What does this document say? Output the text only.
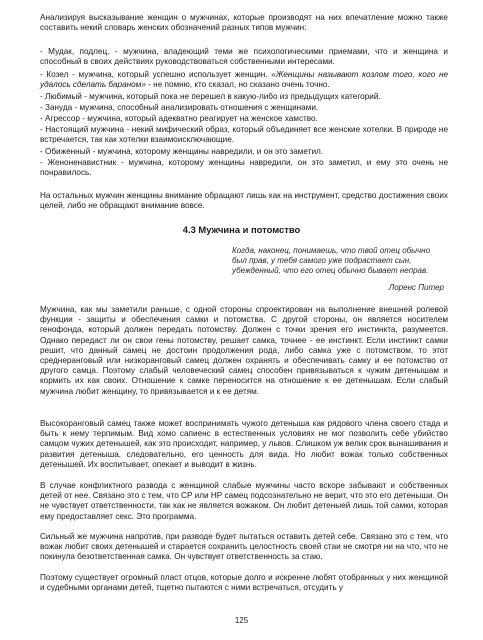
Анализируя высказывание женщин о мужчинах, которые производят на них впечатление можно также составить некий словарь женских обозначений разных типов мужчин:

- Мудак, подлец, - мужчина, владеющий теми же психологическими приемами, что и женщина и способный в своих действиях руководствоваться собственными интересами.

- Козел - мужчина, который успешно использует женщин. «Женщины называют козлом того, кого не удалось сделать бараном» - не помню, кто сказал, но сказано очень точно.

- Любимый - мужчина, который пока не перешел в какую-либо из предыдущих категорий.

- Зануда - мужчина, способный анализировать отношения с женщинами.

- Агрессор - мужчина, который адекватно реагирует на женское хамство.

- Настоящий мужчина - некий мифический образ, который объединяет все женские хотелки. В природе не встречается, так как хотелки взаимоисключающие.

- Обиженный - мужчина, которому женщины навредили, и он это заметил.

- Женоненавистник - мужчина, которому женщины навредили, он это заметил, и ему это очень не понравилось.

На остальных мужчин женщины внимание обращают лишь как на инструмент, средство достижения своих целей, либо не обращают внимание вовсе.

4.3 Мужчина и потомство

Когда, наконец, понимаешь, что твой отец обычно был прав, у тебя самого уже подрастает сын, убежденный, что его отец обычно бывает неправ.

Лоренс Питер

Мужчина, как мы заметили раньше, с одной стороны спроектирован на выполнение внешней ролевой функции - защиты и обеспечения самки и потомства. С другой стороны, он является носителем генофонда, который должен передать потомству. Должен с точки зрения его инстинкта, разумеется. Однако передаст ли он свои гены потомству, решает самка, точнее - ее инстинкт. Если инстинкт самки решит, что данный самец не достоин продолжения рода, либо самка уже с потомством, то этот среднеранговый или низкоранговый самец должен охранять и обеспечивать самку и ее потомство от другого самца. Поэтому слабый человеческий самец способен привязываться к чужим детенышам и кормить их как своих. Отношение к самке переносится на отношение к ее детенышам. Если слабый мужчина любит женщину, то привязывается и к ее детям.

Высокоранговый самец также может воспринимать чужого детеныша как рядового члена своего стада и быть к нему терпимым. Вид хомо сапиенс в естественных условиях не мог позволить себе убийство самцом чужих детенышей, как это происходит, например, у львов. Слишком уж велик срок вынашивания и развития детеныша, следовательно, его ценность для вида. Но любит вожак только собственных детенышей. Их воспитывает, опекает и выводит в жизнь.

В случае конфликтного развода с женщиной слабые мужчины часто вскоре забывают и собственных детей от нее. Связано это с тем, что СР или НР самец подсознательно не верит, что это его детеныши. Он не чувствует ответственности, так как не является вожаком. Он любит детеныей лишь той самки, которая ему предоставляет секс. Это программа.

Сильный же мужчина напротив, при разводе будет пытаться оставить детей себе. Связано это с тем, что вожак любит своих детенышей и старается сохранить целостность своей стаи не смотря ни на что, что не покинула безответственная самка. Он чувствует ответственность за стаю.

Поэтому существует огромный пласт отцов, которые долго и искренне любят отобранных у них женщиной и судебными органами детей, тщетно пытаются с ними встречаться, отсудить у

125
